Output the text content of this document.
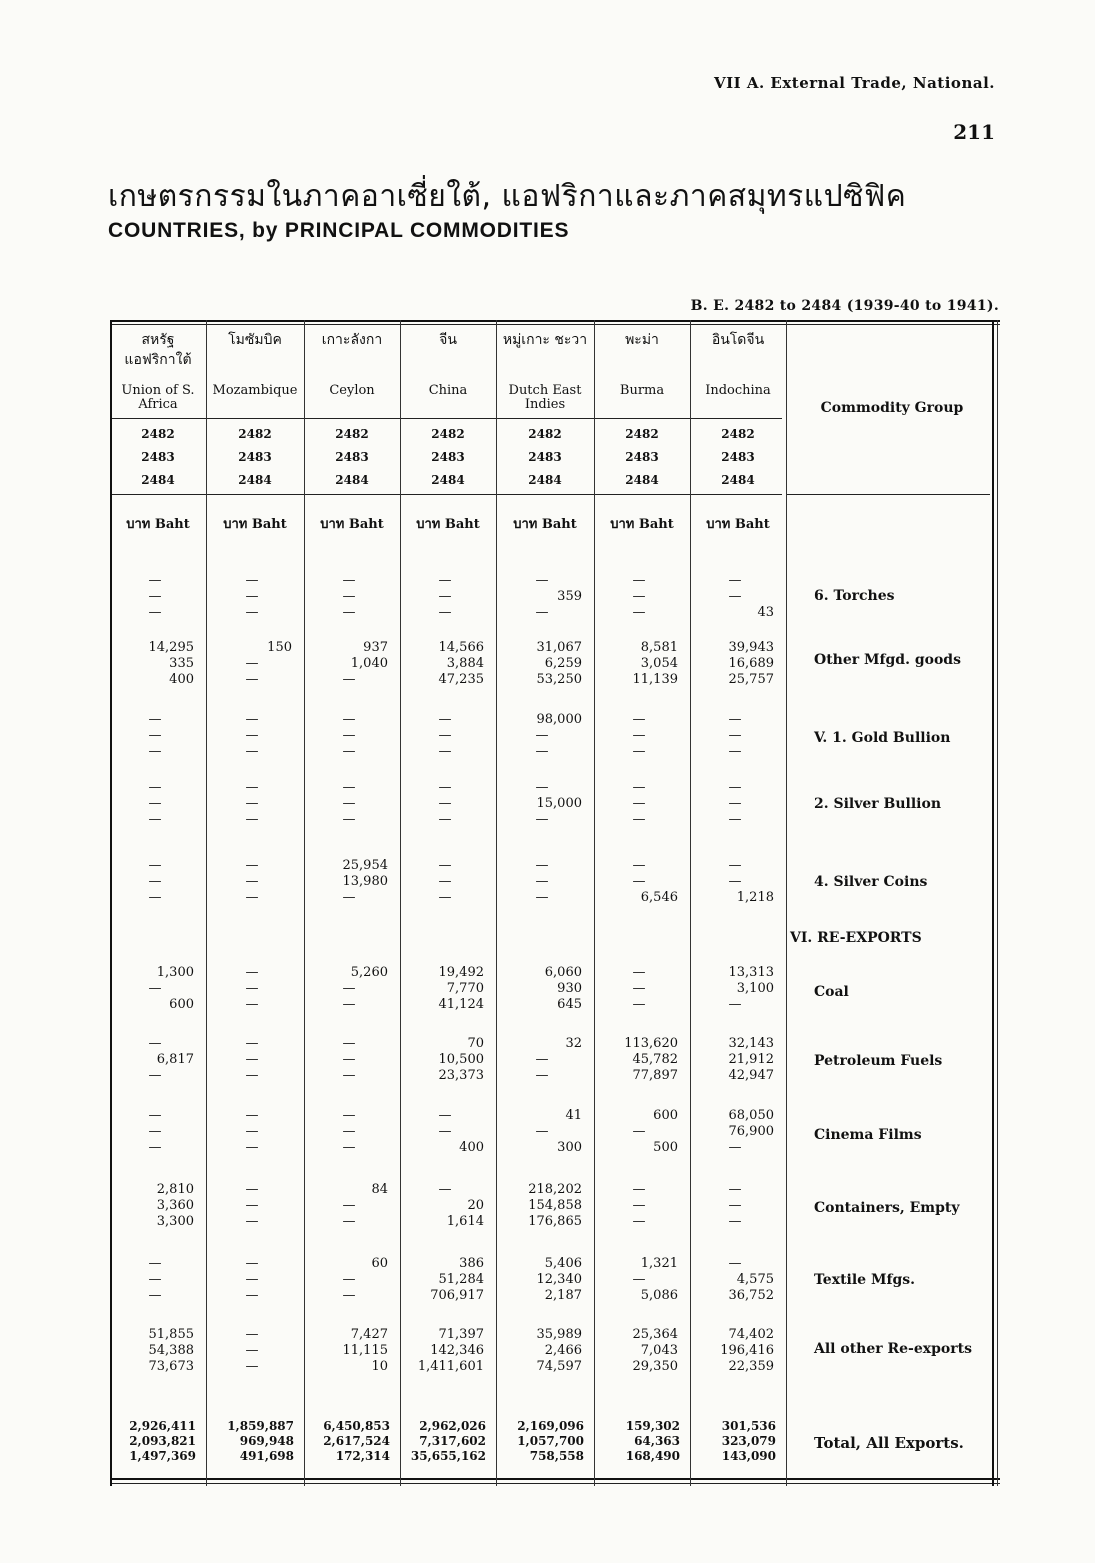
VII A. External Trade, National.
211
เกษตรกรรมในภาคอาเซี่ยใต้, แอฟริกาและภาคสมุทรแปซิฟิค
COUNTRIES, by PRINCIPAL COMMODITIES
B. E. 2482 to 2484 (1939-40 to 1941).
สหรัฐ แอฟริกาใต้
Union of S. Africa
2482
2483
2484
บาท Baht
โมซัมบิค
Mozambique
2482
2483
2484
บาท Baht
เกาะลังกา
Ceylon
2482
2483
2484
บาท Baht
จีน
China
2482
2483
2484
บาท Baht
หมู่เกาะ ชะวา
Dutch East Indies
2482
2483
2484
บาท Baht
พะม่า
Burma
2482
2483
2484
บาท Baht
อินโดจีน
Indochina
2482
2483
2484
บาท Baht
Commodity Group
6. Torches
—
—
—
—
—
—
—
—
—
—
—
—
—
359
—
—
—
—
—
—
43
Other Mfgd. goods
14,295
335
400
150
—
—
937
1,040
—
14,566
3,884
47,235
31,067
6,259
53,250
8,581
3,054
11,139
39,943
16,689
25,757
V. 1. Gold Bullion
—
—
—
—
—
—
—
—
—
—
—
—
98,000
—
—
—
—
—
—
—
—
2. Silver Bullion
—
—
—
—
—
—
—
—
—
—
—
—
—
15,000
—
—
—
—
—
—
—
4. Silver Coins
—
—
—
—
—
—
25,954
13,980
—
—
—
—
—
—
—
—
—
6,546
—
—
1,218
VI. RE-EXPORTS
Coal
1,300
—
600
—
—
—
5,260
—
—
19,492
7,770
41,124
6,060
930
645
—
—
—
13,313
3,100
—
Petroleum Fuels
—
6,817
—
—
—
—
—
—
—
70
10,500
23,373
32
—
—
113,620
45,782
77,897
32,143
21,912
42,947
Cinema Films
—
—
—
—
—
—
—
—
—
—
—
400
41
—
300
600
—
500
68,050
76,900
—
Containers, Empty
2,810
3,360
3,300
—
—
—
84
—
—
—
20
1,614
218,202
154,858
176,865
—
—
—
—
—
—
Textile Mfgs.
—
—
—
—
—
—
60
—
—
386
51,284
706,917
5,406
12,340
2,187
1,321
—
5,086
—
4,575
36,752
All other Re-exports
51,855
54,388
73,673
—
—
—
7,427
11,115
10
71,397
142,346
1,411,601
35,989
2,466
74,597
25,364
7,043
29,350
74,402
196,416
22,359
Total, All Exports.
2,926,411
2,093,821
1,497,369
1,859,887
969,948
491,698
6,450,853
2,617,524
172,314
2,962,026
7,317,602
35,655,162
2,169,096
1,057,700
758,558
159,302
64,363
168,490
301,536
323,079
143,090
